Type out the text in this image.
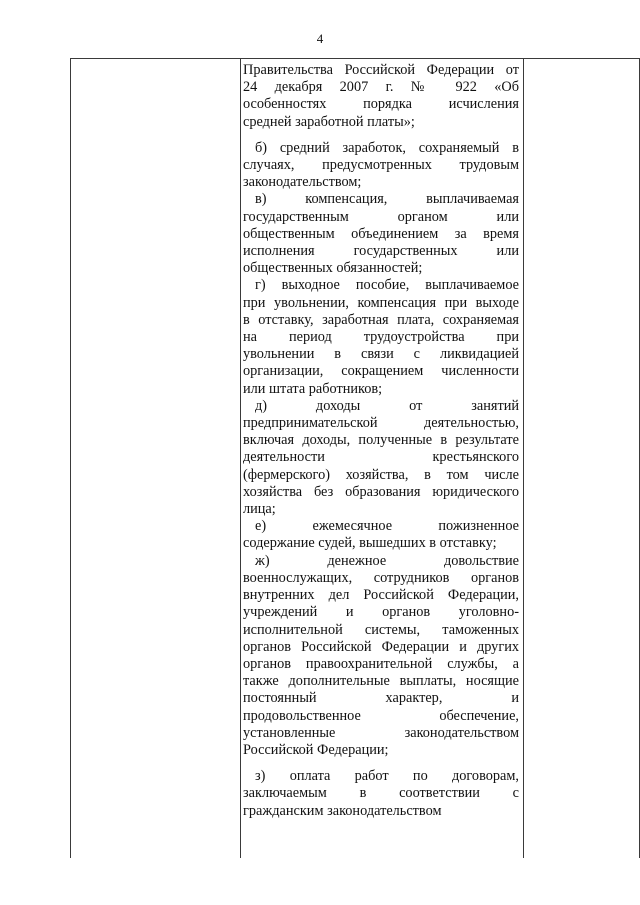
4

Правительства Российской Федерации от
24 декабря 2007 г. № 922 «Об
особенностях порядка исчисления
средней заработной платы»;

б) средний заработок, сохраняемый в
случаях, предусмотренных трудовым
законодательством;

в) компенсация, выплачиваемая
государственным органом или
общественным объединением за время
исполнения государственных или
общественных обязанностей;

г) выходное пособие, выплачиваемое
при увольнении, компенсация при выходе
в отставку, заработная плата, сохраняемая
на период трудоустройства при
увольнении в связи с ликвидацией
организации, сокращением численности
или штата работников;

д) доходы от занятий
предпринимательской деятельностью,
включая доходы, полученные в результате
деятельности крестьянского
(фермерского) хозяйства, в том числе
хозяйства без образования юридического
лица;

е) ежемесячное пожизненное
содержание судей, вышедших в отставку;

ж) денежное довольствие
военнослужащих, сотрудников органов
внутренних дел Российской Федерации,
учреждений и органов уголовно-
исполнительной системы, таможенных
органов Российской Федерации и других
органов правоохранительной службы, а
также дополнительные выплаты, носящие
постоянный характер, и
продовольственное обеспечение,
установленные законодательством
Российской Федерации;

з) оплата работ по договорам,
заключаемым в соответствии с
гражданским законодательством
